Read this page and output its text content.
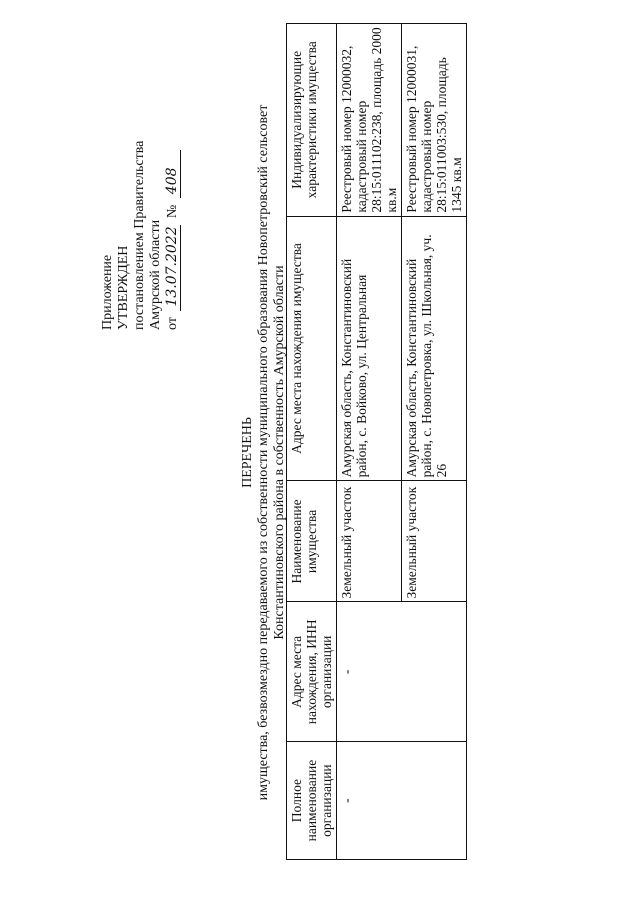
Приложение УТВЕРЖДЕН постановлением Правительства Амурской области от 13.07.2022 № 408
ПЕРЕЧЕНЬ имущества, безвозмездно передаваемого из собственности муниципального образования Новопетровский сельсовет Константиновского района в собственность Амурской области
Полное наименование организации	Адрес места нахождения, ИНН организации	Наименование имущества	Адрес места нахождения имущества	Индивидуализирующие характеристики имущества
-	-	Земельный участок	Амурская область, Константиновский район, с. Войково, ул. Центральная	Реестровый номер 12000032, кадастровый номер 28:15:011102:238, площадь 2000 кв.м
		Земельный участок	Амурская область, Константиновский район, с. Новопетровка, ул. Школьная, уч. 26	Реестровый номер 12000031, кадастровый номер 28:15:011003:530, площадь 1345 кв.м
